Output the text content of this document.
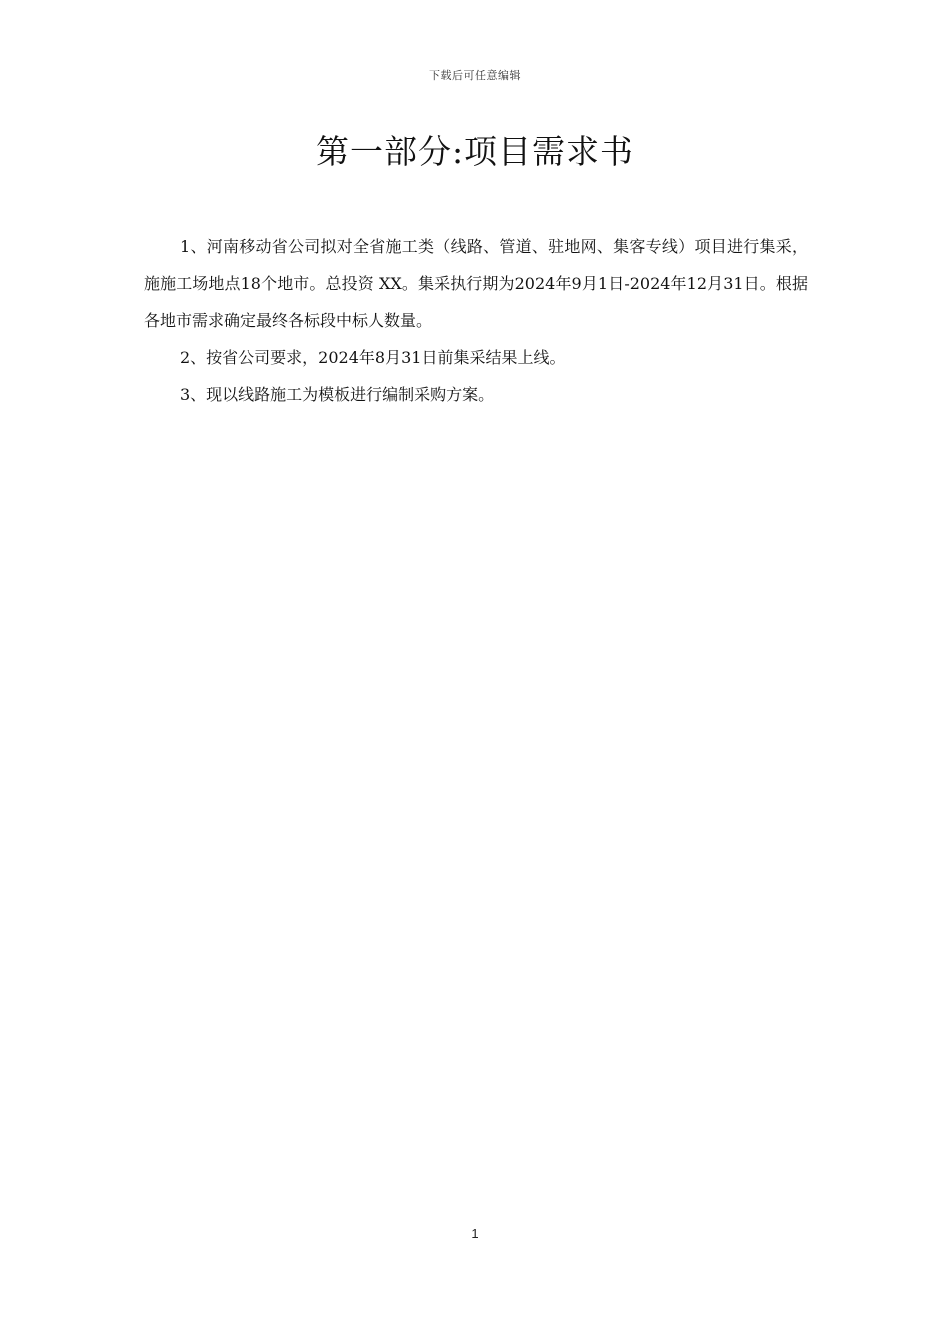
下载后可任意编辑
第一部分:项目需求书

1、河南移动省公司拟对全省施工类（线路、管道、驻地网、集客专线）项目进行集采，施施工场地点18个地市。总投资 XX。集采执行期为2024年9月1日-2024年12月31日。根据各地市需求确定最终各标段中标人数量。

2、按省公司要求，2024年8月31日前集采结果上线。

3、现以线路施工为模板进行编制采购方案。

1
